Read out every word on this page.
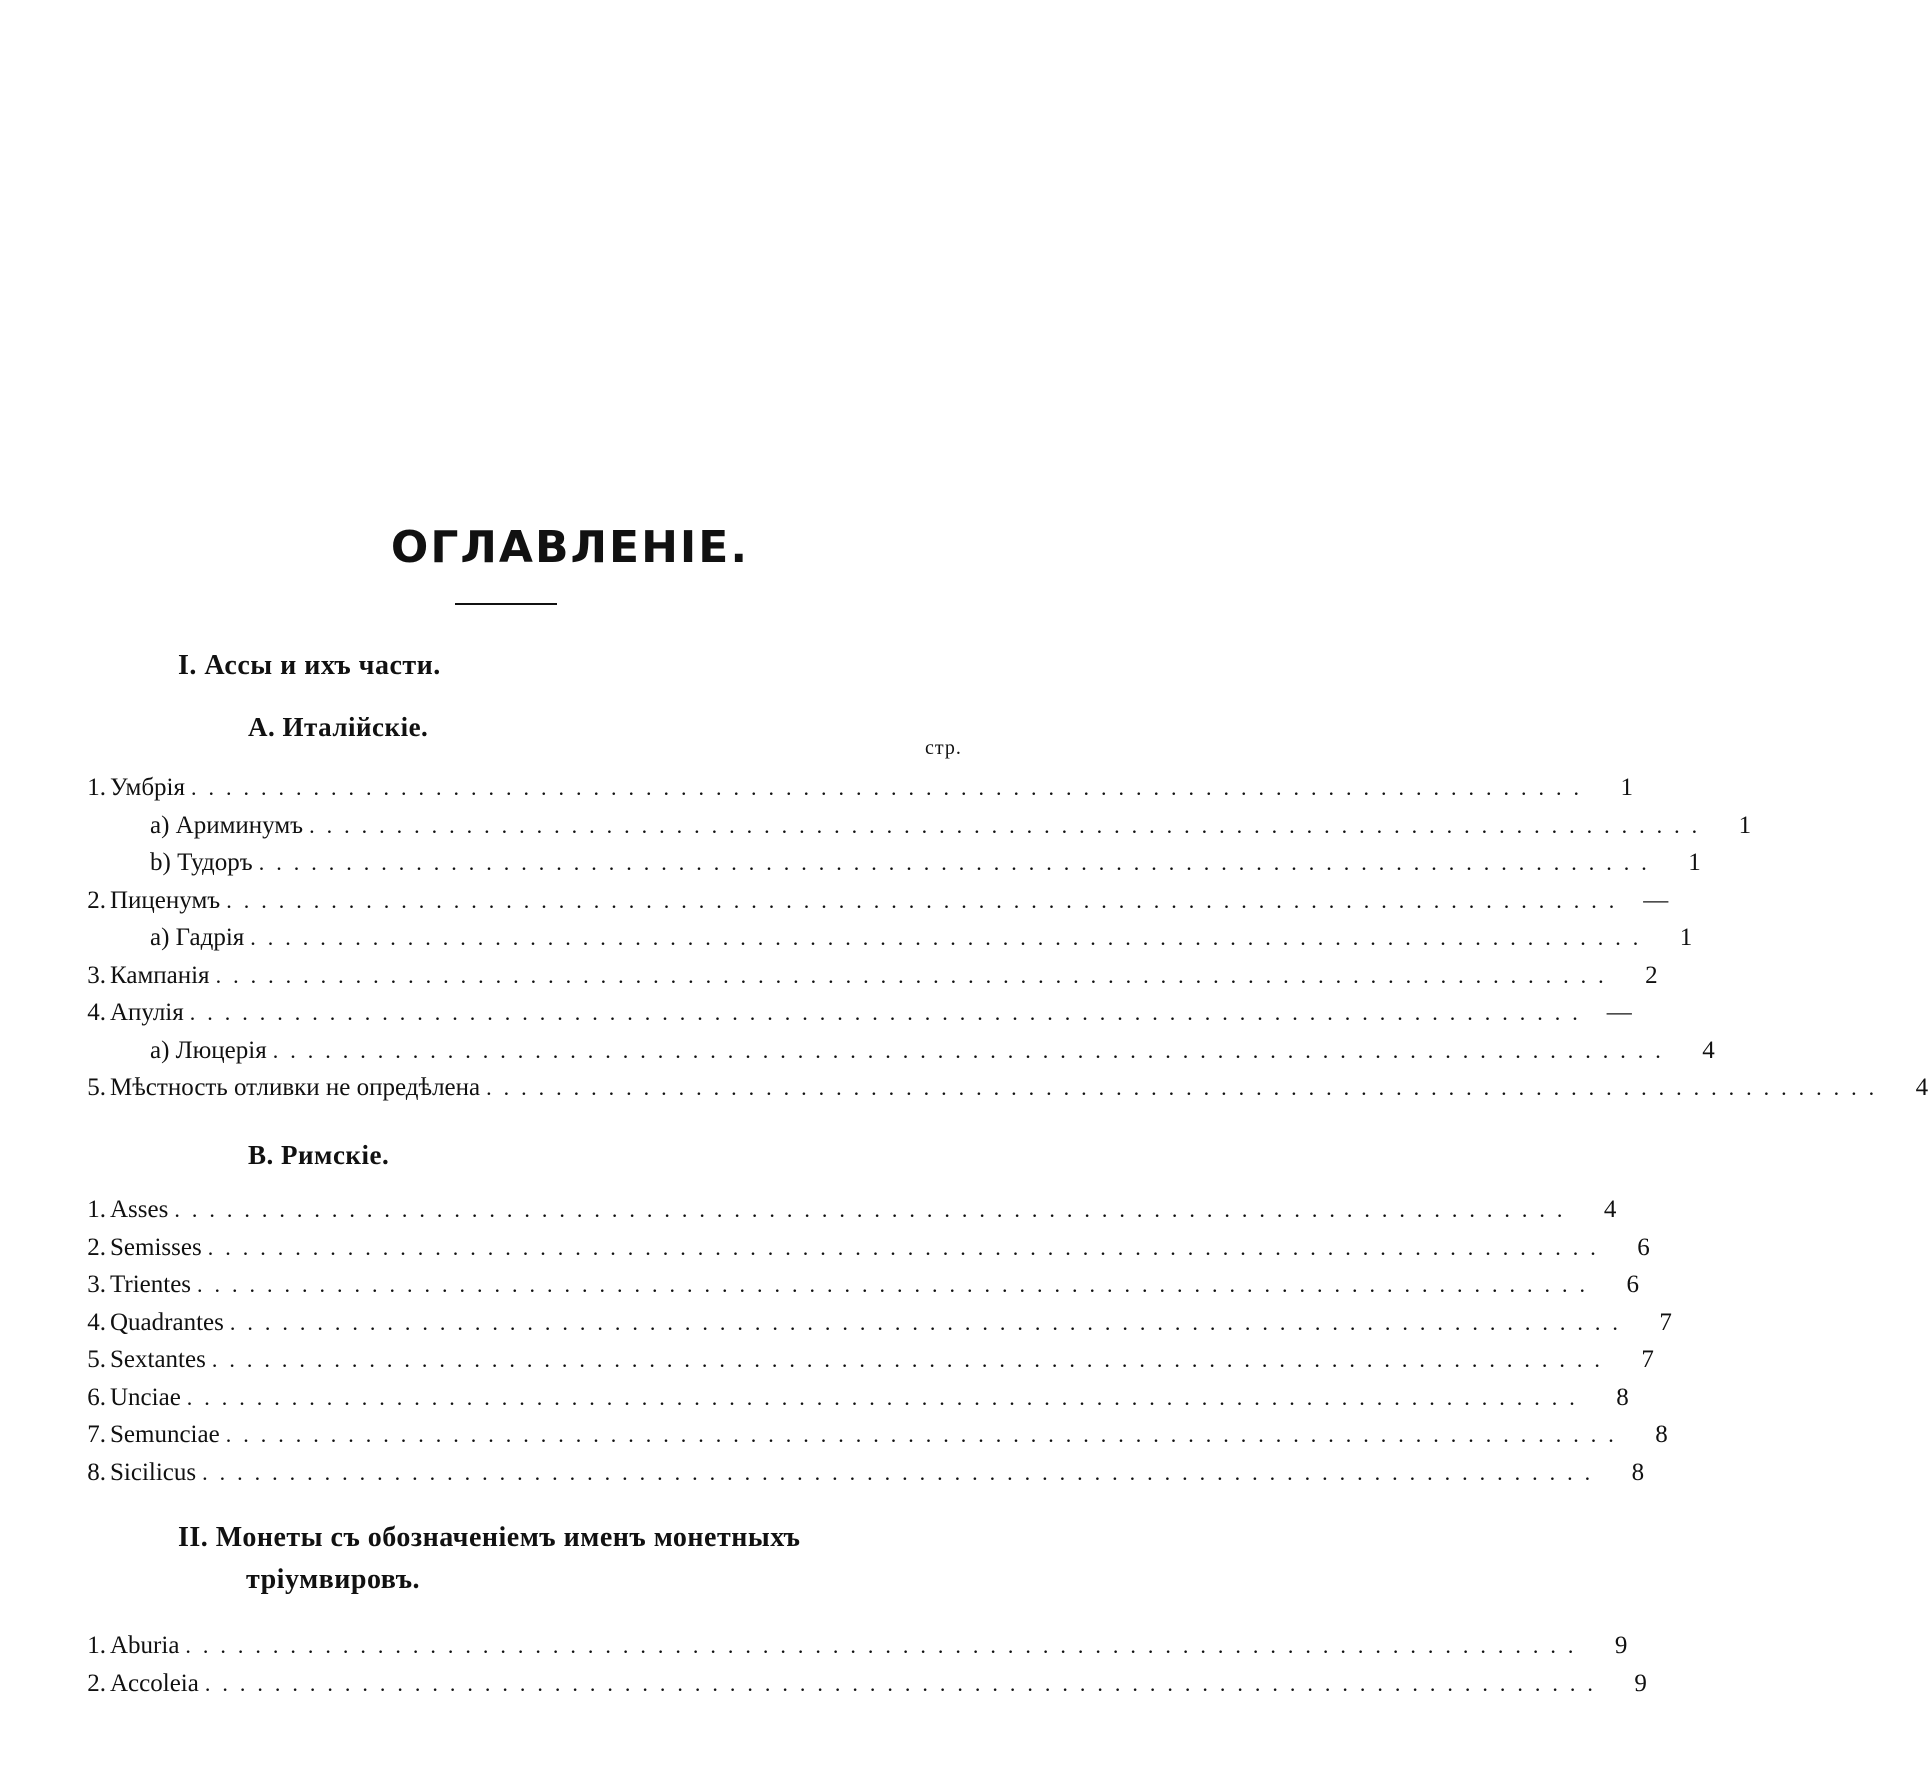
ОГЛАВЛЕНІЕ.
I. Ассы и ихъ части.
А. Италійскіе.
стр.
1. Умбрія ................................................................................	1
a) Ариминумъ ................................................................................	1
b) Тудоръ ................................................................................	1
2. Пиценумъ ................................................................................ —
a) Гадрія ................................................................................	1
3. Кампанія ................................................................................	2
4. Апулія ................................................................................ —
a) Люцерія ................................................................................	4
5. Мѣстность отливки не опредѣлена ................................................................................	4
В. Римскіе.
1. Asses ................................................................................	4
2. Semisses ................................................................................	6
3. Trientes ................................................................................	6
4. Quadrantes ................................................................................	7
5. Sextantes ................................................................................	7
6. Unciae ................................................................................	8
7. Semunciae ................................................................................	8
8. Sicilicus ................................................................................	8
II. Монеты съ обозначеніемъ именъ монетныхъ
тріумвировъ.
1. Aburia ................................................................................	9
2. Accoleia ................................................................................	9
